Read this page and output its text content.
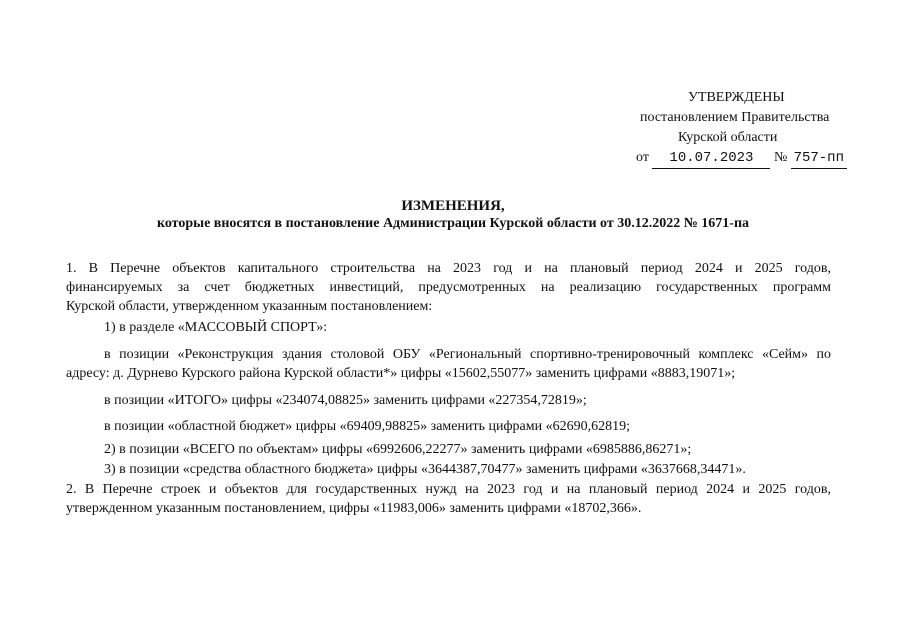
УТВЕРЖДЕНЫ
постановлением Правительства
Курской области
от 10.07.2023 № 757-пп
ИЗМЕНЕНИЯ,
которые вносятся в постановление Администрации Курской области от 30.12.2022 № 1671-па
1. В Перечне объектов капитального строительства на 2023 год и на плановый период 2024 и 2025 годов,
финансируемых за счет бюджетных инвестиций, предусмотренных на реализацию государственных программ
Курской области, утвержденном указанным постановлением:
1) в разделе «МАССОВЫЙ СПОРТ»:
в позиции «Реконструкция здания столовой ОБУ «Региональный спортивно-тренировочный комплекс «Сейм» по
адресу: д. Дурнево Курского района Курской области*» цифры «15602,55077» заменить цифрами «8883,19071»;
в позиции «ИТОГО» цифры «234074,08825» заменить цифрами «227354,72819»;
в позиции «областной бюджет» цифры «69409,98825» заменить цифрами «62690,62819;
2) в позиции «ВСЕГО по объектам» цифры «6992606,22277» заменить цифрами «6985886,86271»;
3) в позиции «средства областного бюджета» цифры «3644387,70477» заменить цифрами «3637668,34471».
2. В Перечне строек и объектов для государственных нужд на 2023 год и на плановый период 2024 и 2025 годов,
утвержденном указанным постановлением, цифры «11983,006» заменить цифрами «18702,366».
